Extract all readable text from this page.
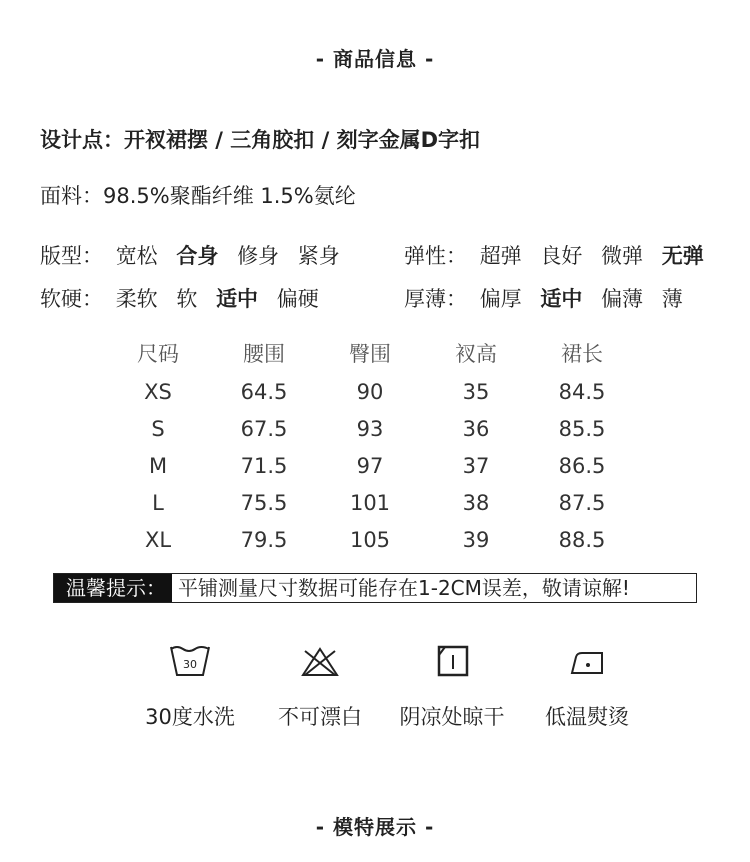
- 商品信息 -
设计点：开衩裙摆 / 三角胶扣 / 刻字金属D字扣
面料：98.5%聚酯纤维 1.5%氨纶
版型： 宽松 合身 修身 紧身	弹性： 超弹 良好 微弹 无弹
软硬： 柔软 软 适中 偏硬	厚薄： 偏厚 适中 偏薄 薄
尺码	腰围	臀围	衩高	裙长
XS	64.5	90	35	84.5
S	67.5	93	36	85.5
M	71.5	97	37	86.5
L	75.5	101	38	87.5
XL	79.5	105	39	88.5
温馨提示： 平铺测量尺寸数据可能存在1-2CM误差，敬请谅解!
30
30度水洗	不可漂白	阴凉处晾干	低温熨烫
- 模特展示 -
